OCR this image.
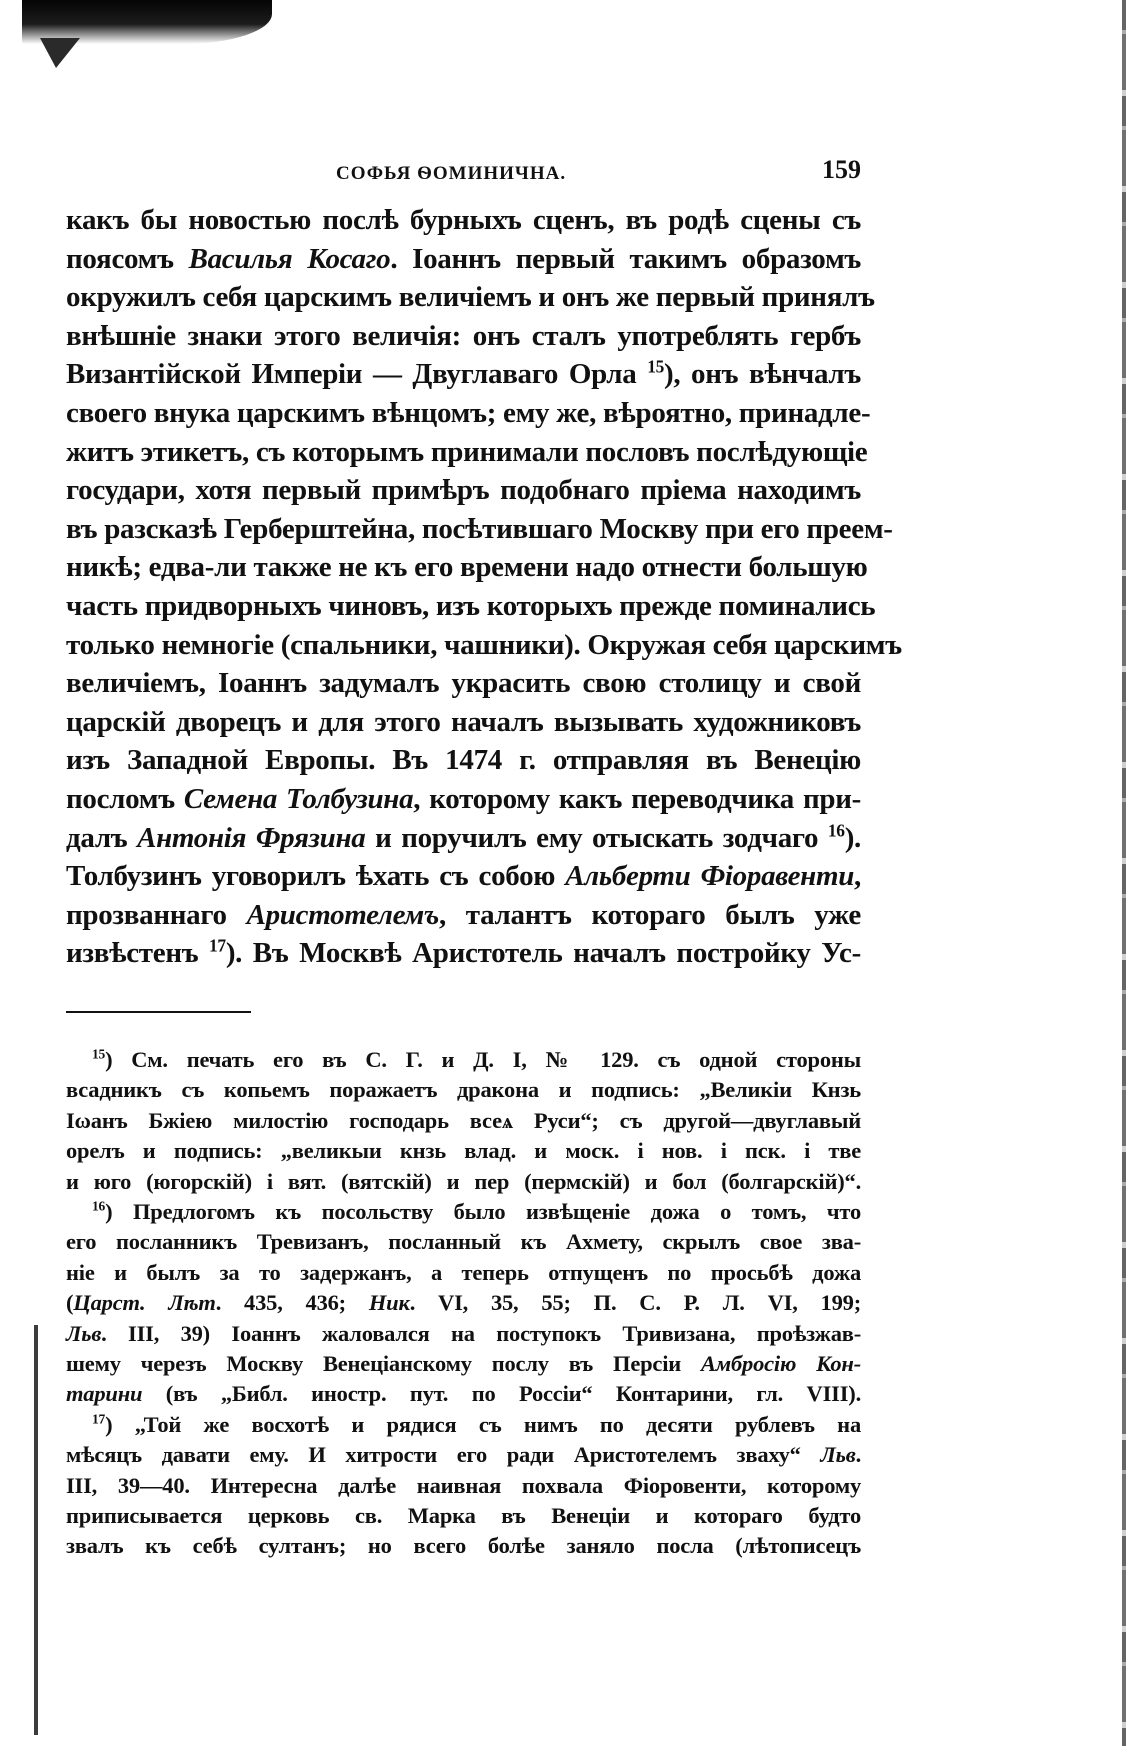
СОФЬЯ ѲОМИНИЧНА.	159
какъ бы новостью послѣ бурныхъ сценъ, въ родѣ сцены съ
поясомъ Василья Косаго. Іоаннъ первый такимъ образомъ
окружилъ себя царскимъ величіемъ и онъ же первый принялъ
внѣшніе знаки этого величія: онъ сталъ употреблять гербъ
Византійской Имперіи — Двуглаваго Орла $^{15}$), онъ вѣнчалъ
своего внука царскимъ вѣнцомъ; ему же, вѣроятно, принадле-
житъ этикетъ, съ которымъ принимали пословъ послѣдующіе
государи, хотя первый примѣръ подобнаго пріема находимъ
въ разсказѣ Герберштейна, посѣтившаго Москву при его преем-
никѣ; едва-ли также не къ его времени надо отнести большую
часть придворныхъ чиновъ, изъ которыхъ прежде поминались
только немногіе (спальники, чашники). Окружая себя царскимъ
величіемъ, Іоаннъ задумалъ украсить свою столицу и свой
царскій дворецъ и для этого началъ вызывать художниковъ
изъ Западной Европы. Въ 1474 г. отправляя въ Венецію
посломъ Семена Толбузина, которому какъ переводчика при-
далъ Антонія Фрязина и поручилъ ему отыскать зодчаго $^{16}$).
Толбузинъ уговорилъ ѣхать съ собою Альберти Фіоравенти,
прозваннаго Аристотелемъ, талантъ котораго былъ уже
извѣстенъ $^{17}$). Въ Москвѣ Аристотель началъ постройку Ус-
$^{15}$) См. печать его въ С. Г. и Д. I, № 129. съ одной стороны
всадникъ съ копьемъ поражаетъ дракона и подпись: „Великіи Кнзь
Іωанъ Бжіею милостію господарь всеѧ Руси“; съ другой—двуглавый
орелъ и подпись: „великыи кнзь влад. и моск. і нов. і пск. і тве
и юго (югорскій) і вят. (вятскій) и пер (пермскій) и бол (болгарскій)“.
$^{16}$) Предлогомъ къ посольству было извѣщеніе дожа о томъ, что
его посланникъ Тревизанъ, посланный къ Ахмету, скрылъ свое зва-
ніе и былъ за то задержанъ, а теперь отпущенъ по просьбѣ дожа
(Царст. Лѣт. 435, 436; Ник. VI, 35, 55; П. С. Р. Л. VI, 199;
Льв. III, 39) Іоаннъ жаловался на поступокъ Тривизана, проѣзжав-
шему черезъ Москву Венеціанскому послу въ Персіи Амбросію Кон-
тарини (въ „Библ. иностр. пут. по Россіи“ Контарини, гл. VIII).
$^{17}$) „Той же восхотѣ и рядися съ нимъ по десяти рублевъ на
мѣсяцъ давати ему. И хитрости его ради Аристотелемъ зваху“ Льв.
III, 39—40. Интересна далѣе наивная похвала Фіоровенти, которому
приписывается церковь св. Марка въ Венеціи и котораго будто
звалъ къ себѣ султанъ; но всего болѣе заняло посла (лѣтописецъ
